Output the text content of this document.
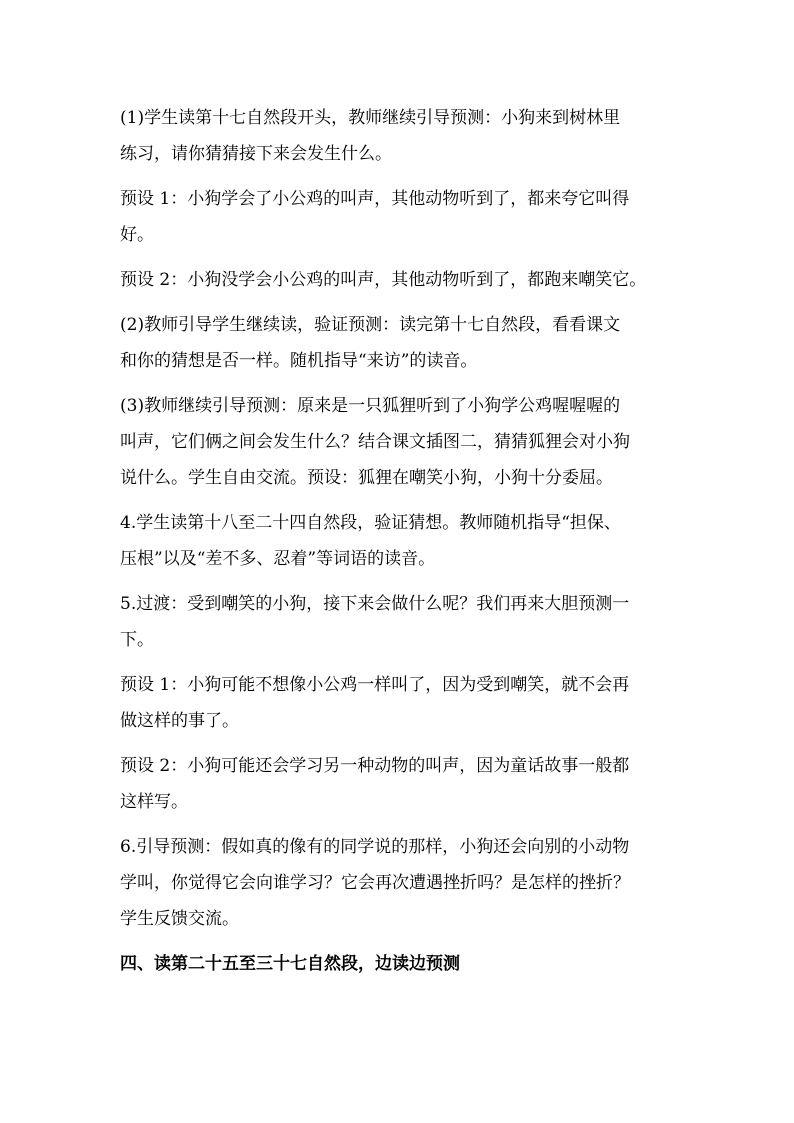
(1)学生读第十七自然段开头，教师继续引导预测：小狗来到树林里
练习，请你猜猜接下来会发生什么。
预设 1：小狗学会了小公鸡的叫声，其他动物听到了，都来夸它叫得
好。
预设 2：小狗没学会小公鸡的叫声，其他动物听到了，都跑来嘲笑它。
(2)教师引导学生继续读，验证预测：读完第十七自然段，看看课文
和你的猜想是否一样。随机指导“来访”的读音。
(3)教师继续引导预测：原来是一只狐狸听到了小狗学公鸡喔喔喔的
叫声，它们俩之间会发生什么？结合课文插图二，猜猜狐狸会对小狗
说什么。学生自由交流。预设：狐狸在嘲笑小狗，小狗十分委屈。
4.学生读第十八至二十四自然段，验证猜想。教师随机指导“担保、
压根”以及“差不多、忍着”等词语的读音。
5.过渡：受到嘲笑的小狗，接下来会做什么呢？我们再来大胆预测一
下。
预设 1：小狗可能不想像小公鸡一样叫了，因为受到嘲笑，就不会再
做这样的事了。
预设 2：小狗可能还会学习另一种动物的叫声，因为童话故事一般都
这样写。
6.引导预测：假如真的像有的同学说的那样，小狗还会向别的小动物
学叫，你觉得它会向谁学习？它会再次遭遇挫折吗？是怎样的挫折？
学生反馈交流。
四、读第二十五至三十七自然段，边读边预测
